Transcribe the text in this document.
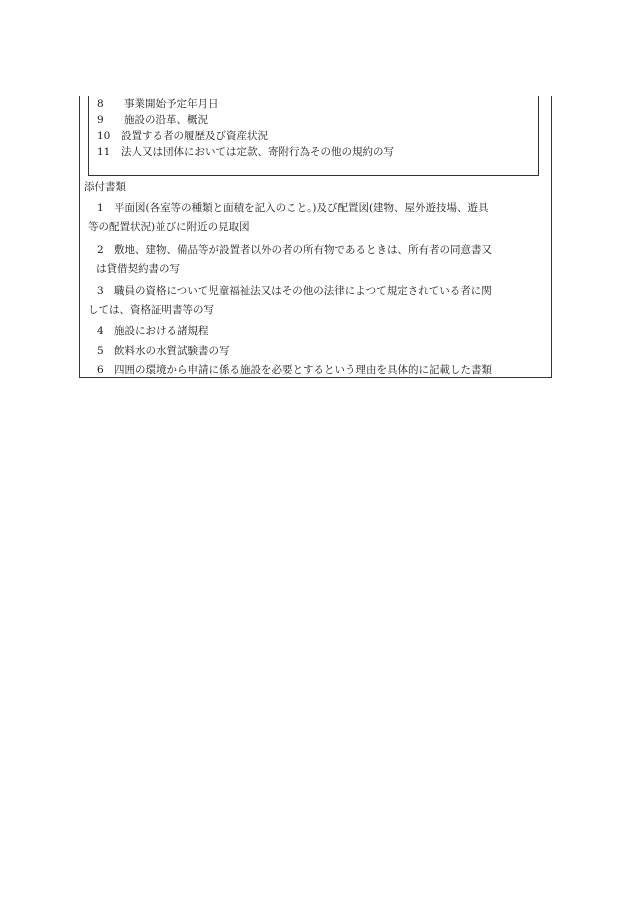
8 事業開始予定年月日
9 施設の沿革、概況
10 設置する者の履歴及び資産状況
11 法人又は団体においては定款、寄附行為その他の規約の写
添付書類
1 平面図(各室等の種類と面積を記入のこと。)及び配置図(建物、屋外遊技場、遊具
等の配置状況)並びに附近の見取図
2 敷地、建物、備品等が設置者以外の者の所有物であるときは、所有者の同意書又
は貸借契約書の写
3 職員の資格について児童福祉法又はその他の法律によつて規定されている者に関
しては、資格証明書等の写
4 施設における諸規程
5 飲料水の水質試験書の写
6 四囲の環境から申請に係る施設を必要とするという理由を具体的に記載した書類
